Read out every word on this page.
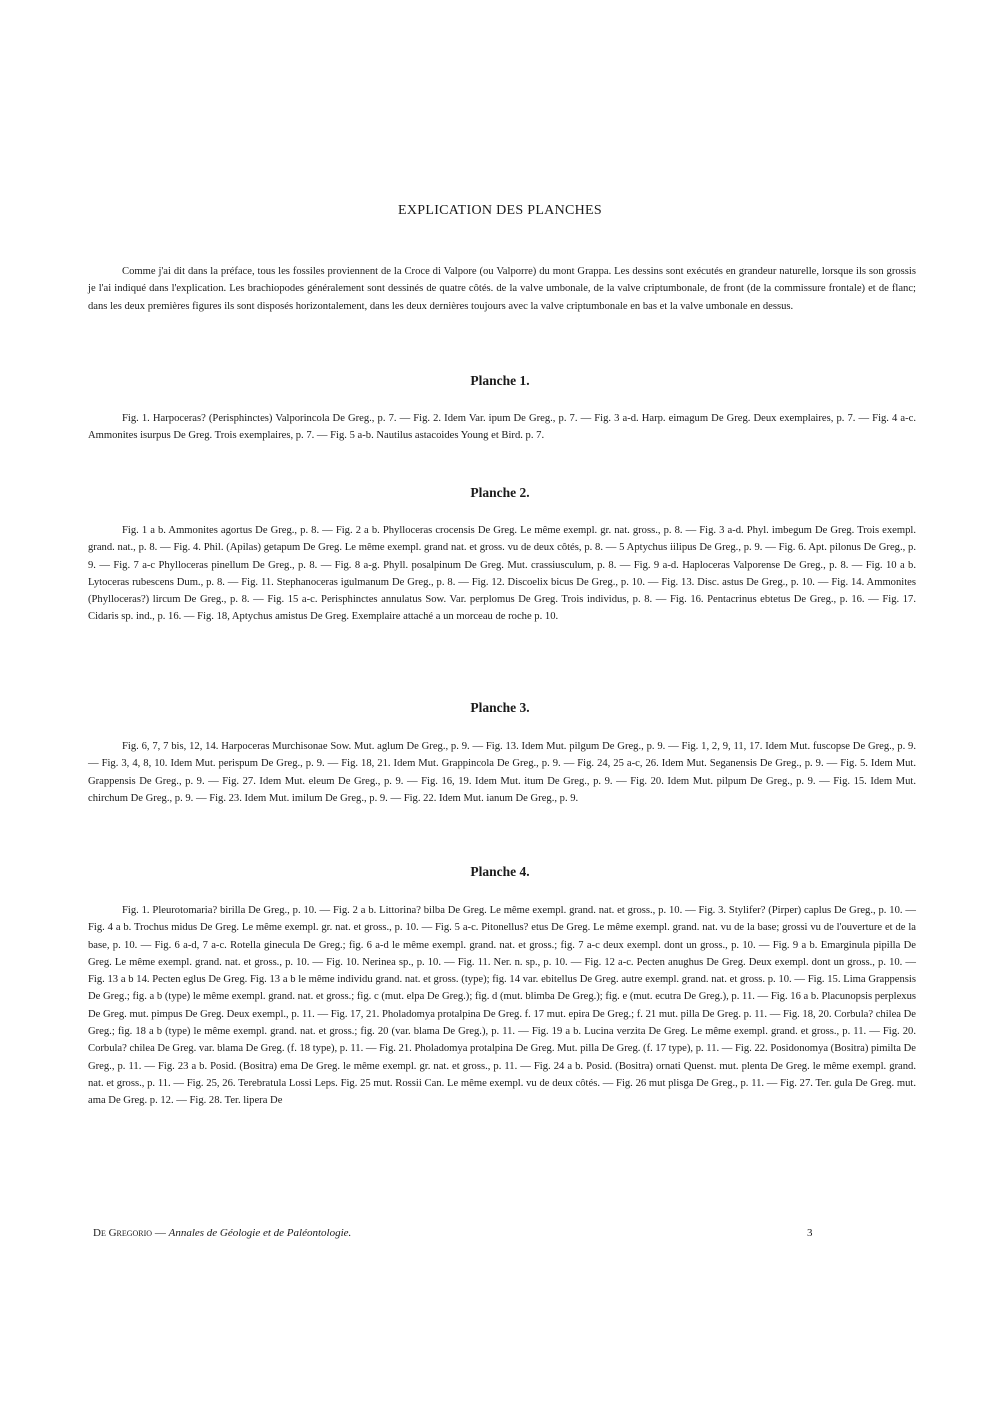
EXPLICATION DES PLANCHES

Comme j'ai dit dans la préface, tous les fossiles proviennent de la Croce di Valpore (ou Valporre) du mont Grappa. Les dessins sont exécutés en grandeur naturelle, lorsque ils son grossis je l'ai indiqué dans l'explication. Les brachiopodes généralement sont dessinés de quatre côtés. de la valve umbonale, de la valve criptumbonale, de front (de la commissure frontale) et de flanc; dans les deux premières figures ils sont disposés horizontalement, dans les deux dernières toujours avec la valve criptumbonale en bas et la valve umbonale en dessus.

Planche 1.

Fig. 1. Harpoceras? (Perisphinctes) Valporincola De Greg., p. 7. — Fig. 2. Idem Var. ipum De Greg., p. 7. — Fig. 3 a-d. Harp. eimagum De Greg. Deux exemplaires, p. 7. — Fig. 4 a-c. Ammonites isurpus De Greg. Trois exemplaires, p. 7. — Fig. 5 a-b. Nautilus astacoides Young et Bird. p. 7.

Planche 2.

Fig. 1 a b. Ammonites agortus De Greg., p. 8. — Fig. 2 a b. Phylloceras crocensis De Greg. Le même exempl. gr. nat. gross., p. 8. — Fig. 3 a-d. Phyl. imbegum De Greg. Trois exempl. grand. nat., p. 8. — Fig. 4. Phil. (Apilas) getapum De Greg. Le même exempl. grand nat. et gross. vu de deux côtés, p. 8. — 5 Aptychus iilipus De Greg., p. 9. — Fig. 6. Apt. pilonus De Greg., p. 9. — Fig. 7 a-c Phylloceras pinellum De Greg., p. 8. — Fig. 8 a-g. Phyll. posalpinum De Greg. Mut. crassiusculum, p. 8. — Fig. 9 a-d. Haploceras Valporense De Greg., p. 8. — Fig. 10 a b. Lytoceras rubescens Dum., p. 8. — Fig. 11. Stephanoceras igulmanum De Greg., p. 8. — Fig. 12. Discoelix bicus De Greg., p. 10. — Fig. 13. Disc. astus De Greg., p. 10. — Fig. 14. Ammonites (Phylloceras?) lircum De Greg., p. 8. — Fig. 15 a-c. Perisphinctes annulatus Sow. Var. perplomus De Greg. Trois individus, p. 8. — Fig. 16. Pentacrinus ebtetus De Greg., p. 16. — Fig. 17. Cidaris sp. ind., p. 16. — Fig. 18, Aptychus amistus De Greg. Exemplaire attaché a un morceau de roche p. 10.

Planche 3.

Fig. 6, 7, 7 bis, 12, 14. Harpoceras Murchisonae Sow. Mut. aglum De Greg., p. 9. — Fig. 13. Idem Mut. pilgum De Greg., p. 9. — Fig. 1, 2, 9, 11, 17. Idem Mut. fuscopse De Greg., p. 9. — Fig. 3, 4, 8, 10. Idem Mut. perispum De Greg., p. 9. — Fig. 18, 21. Idem Mut. Grappincola De Greg., p. 9. — Fig. 24, 25 a-c, 26. Idem Mut. Seganensis De Greg., p. 9. — Fig. 5. Idem Mut. Grappensis De Greg., p. 9. — Fig. 27. Idem Mut. eleum De Greg., p. 9. — Fig. 16, 19. Idem Mut. itum De Greg., p. 9. — Fig. 20. Idem Mut. pilpum De Greg., p. 9. — Fig. 15. Idem Mut. chirchum De Greg., p. 9. — Fig. 23. Idem Mut. imilum De Greg., p. 9. — Fig. 22. Idem Mut. ianum De Greg., p. 9.

Planche 4.

Fig. 1. Pleurotomaria? birilla De Greg., p. 10. — Fig. 2 a b. Littorina? bilba De Greg. Le même exempl. grand. nat. et gross., p. 10. — Fig. 3. Stylifer? (Pirper) caplus De Greg., p. 10. — Fig. 4 a b. Trochus midus De Greg. Le même exempl. gr. nat. et gross., p. 10. — Fig. 5 a-c. Pitonellus? etus De Greg. Le même exempl. grand. nat. vu de la base; grossi vu de l'ouverture et de la base, p. 10. — Fig. 6 a-d, 7 a-c. Rotella ginecula De Greg.; fig. 6 a-d le même exempl. grand. nat. et gross.; fig. 7 a-c deux exempl. dont un gross., p. 10. — Fig. 9 a b. Emarginula pipilla De Greg. Le même exempl. grand. nat. et gross., p. 10. — Fig. 10. Nerinea sp., p. 10. — Fig. 11. Ner. n. sp., p. 10. — Fig. 12 a-c. Pecten anughus De Greg. Deux exempl. dont un gross., p. 10. — Fig. 13 a b 14. Pecten eglus De Greg. Fig. 13 a b le même individu grand. nat. et gross. (type); fig. 14 var. ebitellus De Greg. autre exempl. grand. nat. et gross. p. 10. — Fig. 15. Lima Grappensis De Greg.; fig. a b (type) le même exempl. grand. nat. et gross.; fig. c (mut. elpa De Greg.); fig. d (mut. blimba De Greg.); fig. e (mut. ecutra De Greg.), p. 11. — Fig. 16 a b. Placunopsis perplexus De Greg. mut. pimpus De Greg. Deux exempl., p. 11. — Fig. 17, 21. Pholadomya protalpina De Greg. f. 17 mut. epira De Greg.; f. 21 mut. pilla De Greg. p. 11. — Fig. 18, 20. Corbula? chilea De Greg.; fig. 18 a b (type) le même exempl. grand. nat. et gross.; fig. 20 (var. blama De Greg.), p. 11. — Fig. 19 a b. Lucina verzita De Greg. Le même exempl. grand. et gross., p. 11. — Fig. 20. Corbula? chilea De Greg. var. blama De Greg. (f. 18 type), p. 11. — Fig. 21. Pholadomya protalpina De Greg. Mut. pilla De Greg. (f. 17 type), p. 11. — Fig. 22. Posidonomya (Bositra) pimilta De Greg., p. 11. — Fig. 23 a b. Posid. (Bositra) ema De Greg. le même exempl. gr. nat. et gross., p. 11. — Fig. 24 a b. Posid. (Bositra) ornati Quenst. mut. plenta De Greg. le même exempl. grand. nat. et gross., p. 11. — Fig. 25, 26. Terebratula Lossi Leps. Fig. 25 mut. Rossii Can. Le même exempl. vu de deux côtés. — Fig. 26 mut plisga De Greg., p. 11. — Fig. 27. Ter. gula De Greg. mut. ama De Greg. p. 12. — Fig. 28. Ter. lipera De

De Gregorio — Annales de Géologie et de Paléontologie.	3
